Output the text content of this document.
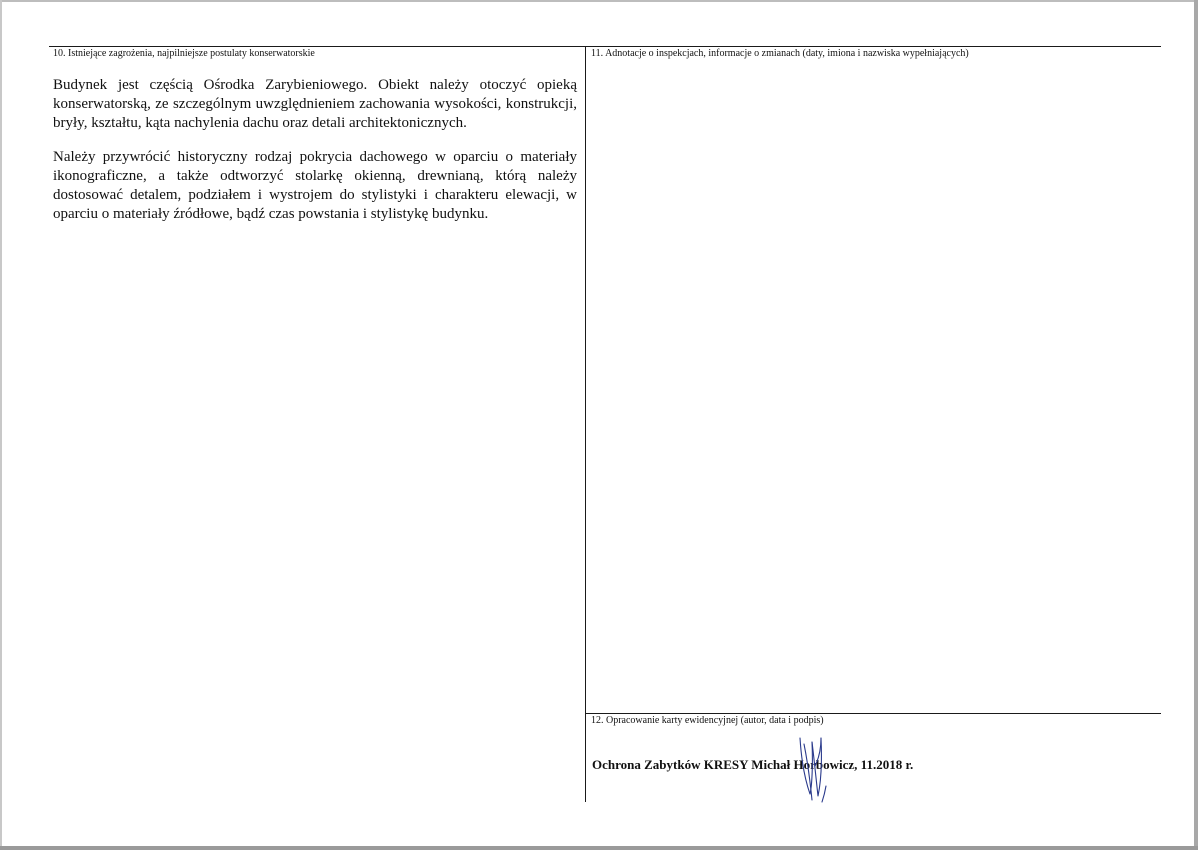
10. Istniejące zagrożenia, najpilniejsze postulaty konserwatorskie

Budynek jest częścią Ośrodka Zarybieniowego. Obiekt należy otoczyć opieką konserwatorską, ze szczególnym uwzględnieniem zachowania wysokości, konstrukcji, bryły, kształtu, kąta nachylenia dachu oraz detali architektonicznych.

Należy przywrócić historyczny rodzaj pokrycia dachowego w oparciu o materiały ikonograficzne, a także odtworzyć stolarkę okienną, drewnianą, którą należy dostosować detalem, podziałem i wystrojem do stylistyki i charakteru elewacji, w oparciu o materiały źródłowe, bądź czas powstania i stylistykę budynku.

11. Adnotacje o inspekcjach, informacje o zmianach (daty, imiona i nazwiska wypełniających)
12. Opracowanie karty ewidencyjnej (autor, data i podpis)
Ochrona Zabytków KRESY Michał Horbowicz, 11.2018 r.
